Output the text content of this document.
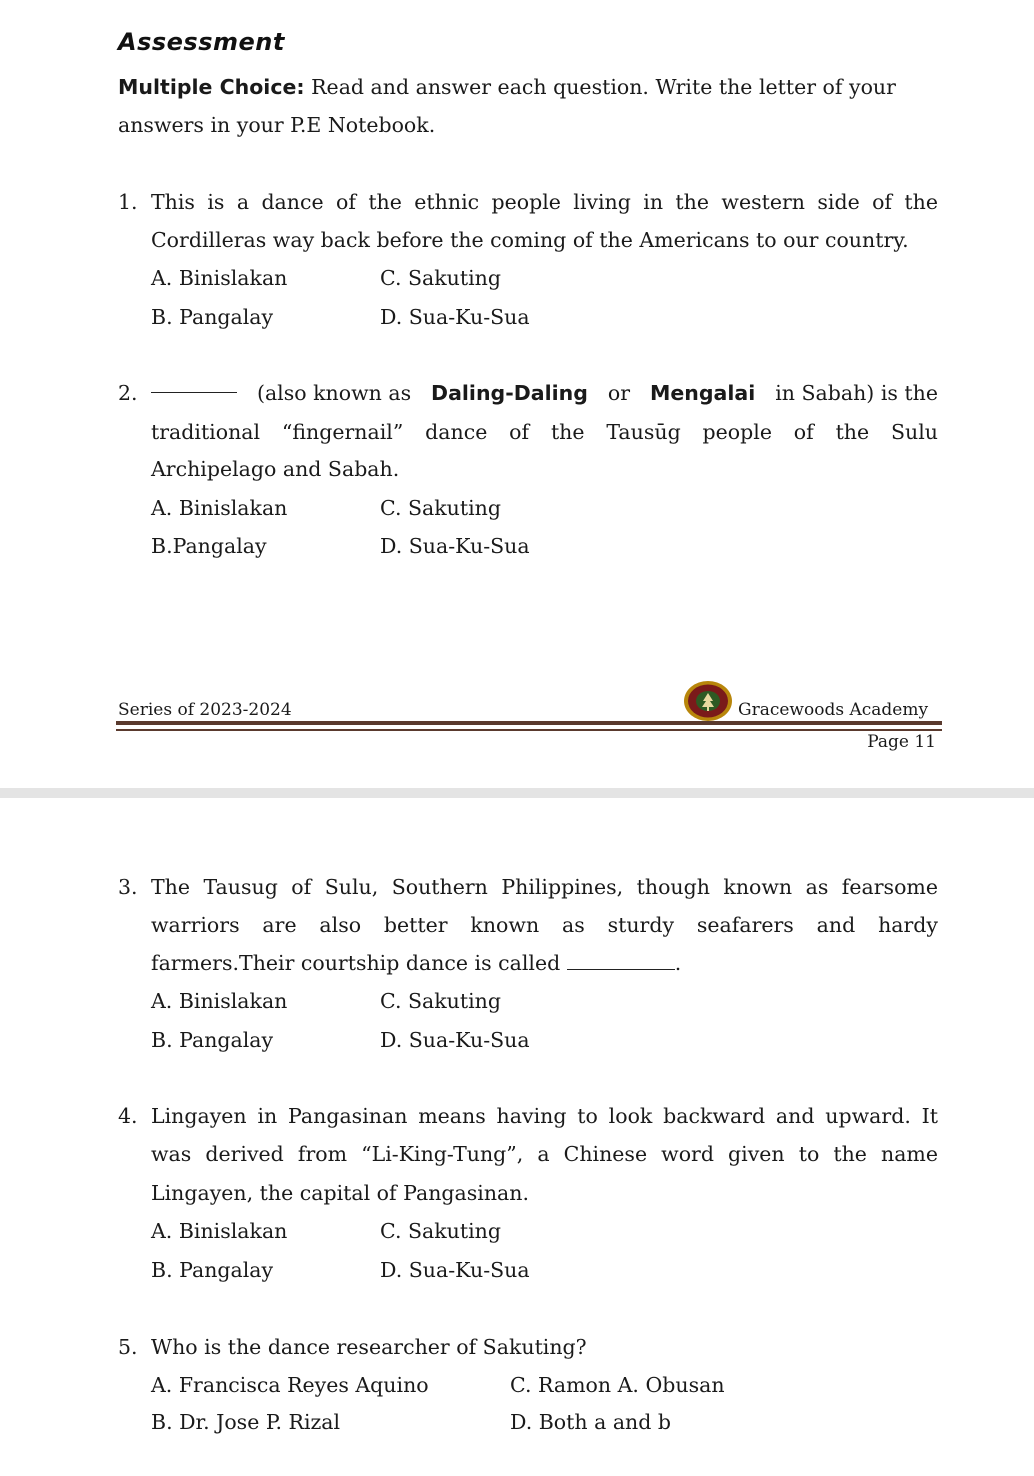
Assessment
Multiple Choice: Read and answer each question. Write the letter of your
answers in your P.E Notebook.
1. This is a dance of the ethnic people living in the western side of the
Cordilleras way back before the coming of the Americans to our country.
A. Binislakan	C. Sakuting
B. Pangalay	D. Sua-Ku-Sua
2.	(also known as Daling-Daling or Mengalai in Sabah) is the
traditional “fingernail” dance of the Tausūg people of the Sulu
Archipelago and Sabah.
A. Binislakan	C. Sakuting
B.Pangalay	D. Sua-Ku-Sua
Series of 2023-2024	Gracewoods Academy
Page 11
3. The Tausug of Sulu, Southern Philippines, though known as fearsome
warriors are also better known as sturdy seafarers and hardy
farmers.Their courtship dance is called	.
A. Binislakan	C. Sakuting
B. Pangalay	D. Sua-Ku-Sua
4. Lingayen in Pangasinan means having to look backward and upward. It
was derived from “Li-King-Tung”, a Chinese word given to the name
Lingayen, the capital of Pangasinan.
A. Binislakan	C. Sakuting
B. Pangalay	D. Sua-Ku-Sua
5. Who is the dance researcher of Sakuting?
A. Francisca Reyes Aquino	C. Ramon A. Obusan
B. Dr. Jose P. Rizal	D. Both a and b
